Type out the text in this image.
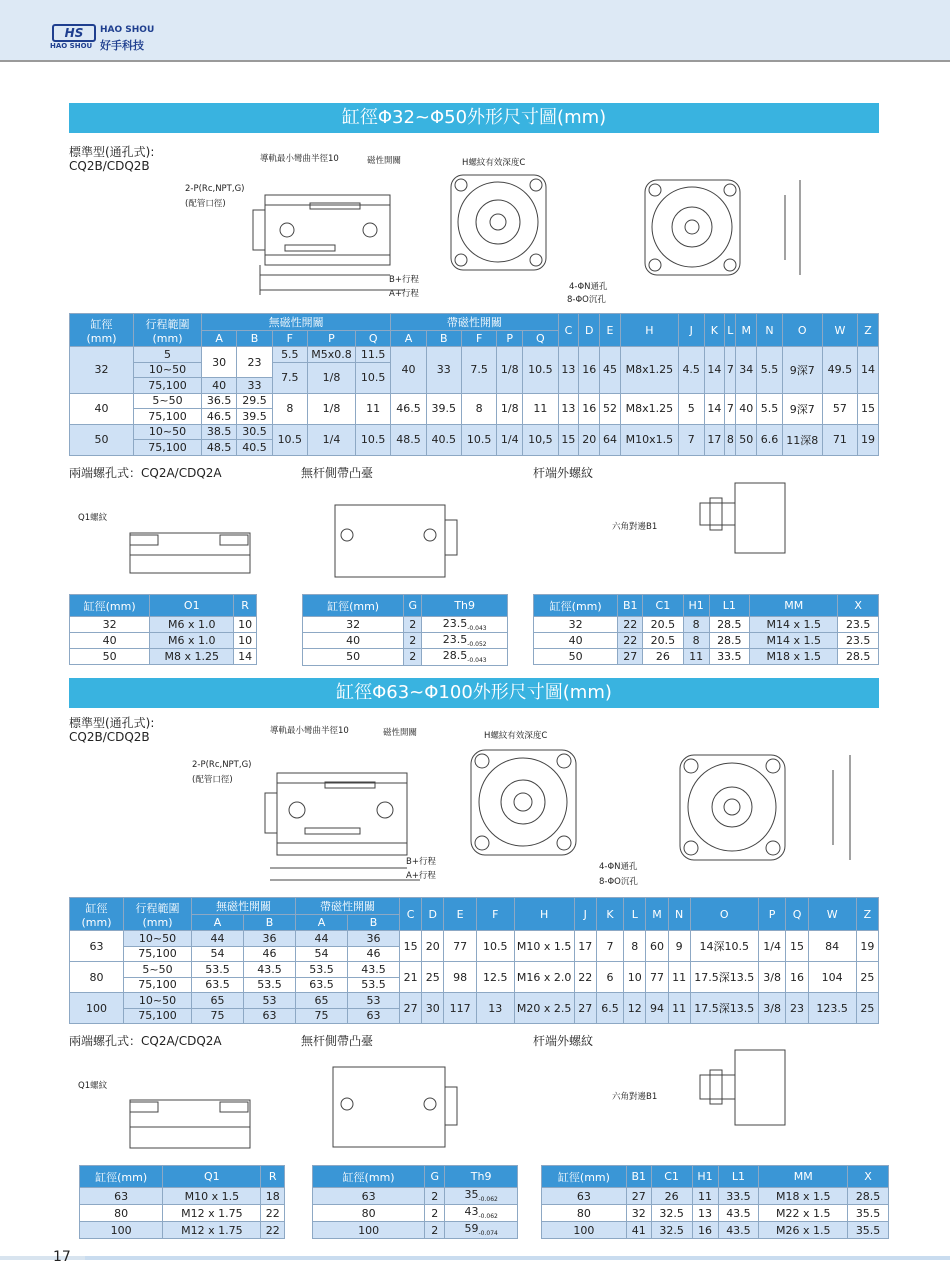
HS
HAO SHOU
HAO SHOU
好手科技
缸徑Φ32~Φ50外形尺寸圖(mm)
標準型(通孔式):
CQ2B/CDQ2B	導軌最小彎曲半徑10	磁性開關
2-P(Rc,NPT,G)
(配管口徑)
H螺紋有效深度C
4-ΦN通孔
8-ΦO沉孔
B+行程
A+行程
缸徑
(mm)	行程範圍
(mm)	無磁性開關					帶磁性開關					C	D	E	H	J	K	L	M	N	O	W	Z
		A	B	F	P	Q	A	B	F	P	Q												
32	5	30	23	5.5	M5x0.8	11.5	40	33	7.5	1/8	10.5	13	16	45	M8x1.25	4.5	14	7	34	5.5	9深7	49.5	14
	10~50			7.5	1/8	10.5																	
	75,100	40	33																				
40	5~50	36.5	29.5	8	1/8	11	46.5	39.5	8	1/8	11	13	16	52	M8x1.25	5	14	7	40	5.5	9深7	57	15
	75,100	46.5	39.5																				
50	10~50	38.5	30.5	10.5	1/4	10.5	48.5	40.5	10.5	1/4	10,5	15	20	64	M10x1.5	7	17	8	50	6.6	11深8	71	19
	75,100	48.5	40.5																				
兩端螺孔式：CQ2A/CDQ2A	無杆側帶凸臺	杆端外螺紋
Q1螺紋
六角對邊B1
缸徑(mm)	O1	R
32	M6 x 1.0	10
40	M6 x 1.0	10
50	M8 x 1.25	14
缸徑(mm)	G	Th9
32	2	$23.5_{-0.043}$
40	2	$23.5_{-0.052}$
50	2	$28.5_{-0.043}$
缸徑(mm)	B1	C1	H1	L1	MM	X
32	22	20.5	8	28.5	M14 x 1.5	23.5
40	22	20.5	8	28.5	M14 x 1.5	23.5
50	27	26	11	33.5	M18 x 1.5	28.5
缸徑Φ63~Φ100外形尺寸圖(mm)
標準型(通孔式):
CQ2B/CDQ2B	導軌最小彎曲半徑10	磁性開關
2-P(Rc,NPT,G)
(配管口徑)
H螺紋有效深度C
4-ΦN通孔
8-ΦO沉孔
B+行程
A+行程
缸徑
(mm)	行程範圍
(mm)	無磁性開關		帶磁性開關		C	D	E	F	H	J	K	L	M	N	O	P	Q	W	Z
		A	B	A	B															
63	10~50	44	36	44	36	15	20	77	10.5	M10 x 1.5	17	7	8	60	9	14深10.5	1/4	15	84	19
	75,100	54	46	54	46															
80	5~50	53.5	43.5	53.5	43.5	21	25	98	12.5	M16 x 2.0	22	6	10	77	11	17.5深13.5	3/8	16	104	25
	75,100	63.5	53.5	63.5	53.5															
100	10~50	65	53	65	53	27	30	117	13	M20 x 2.5	27	6.5	12	94	11	17.5深13.5	3/8	23	123.5	25
	75,100	75	63	75	63															
兩端螺孔式：CQ2A/CDQ2A	無杆側帶凸臺	杆端外螺紋
Q1螺紋
六角對邊B1
缸徑(mm)	Q1	R
63	M10 x 1.5	18
80	M12 x 1.75	22
100	M12 x 1.75	22
缸徑(mm)	G	Th9
63	2	$35_{-0.062}$
80	2	$43_{-0.062}$
100	2	$59_{-0.074}$
缸徑(mm)	B1	C1	H1	L1	MM	X
63	27	26	11	33.5	M18 x 1.5	28.5
80	32	32.5	13	43.5	M22 x 1.5	35.5
100	41	32.5	16	43.5	M26 x 1.5	35.5
17
